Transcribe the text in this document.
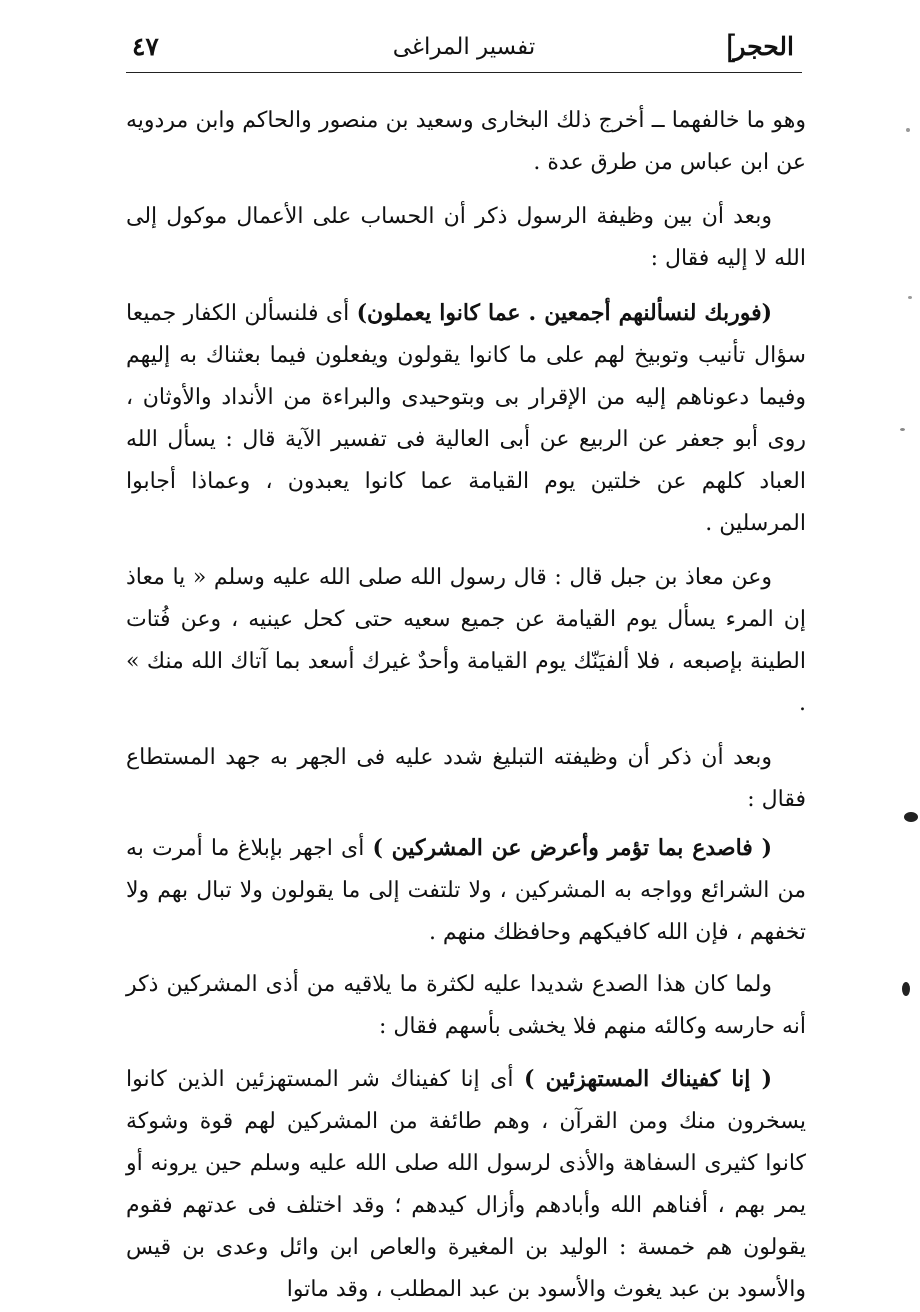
الحجر
]
تفسير المراغى
٤٧

وهو ما خالفهما ــ أخرج ذلك البخارى وسعيد بن منصور والحاكم وابن مردويه عن ابن عباس من طرق عدة .

وبعد أن بين وظيفة الرسول ذكر أن الحساب على الأعمال موكول إلى الله لا إليه فقال :

(فوربك لنسألنهم أجمعين . عما كانوا يعملون) أى فلنسألن الكفار جميعا سؤال تأنيب وتوبيخ لهم على ما كانوا يقولون ويفعلون فيما بعثناك به إليهم وفيما دعوناهم إليه من الإقرار بى وبتوحيدى والبراءة من الأنداد والأوثان ، روى أبو جعفر عن الربيع عن أبى العالية فى تفسير الآية قال : يسأل الله العباد كلهم عن خلتين يوم القيامة عما كانوا يعبدون ، وعماذا أجابوا المرسلين .

وعن معاذ بن جبل قال : قال رسول الله صلى الله عليه وسلم « يا معاذ إن المرء يسأل يوم القيامة عن جميع سعيه حتى كحل عينيه ، وعن فُتات الطينة بإصبعه ، فلا ألفيَنّك يوم القيامة وأحدٌ غيرك أسعد بما آتاك الله منك » .

وبعد أن ذكر أن وظيفته التبليغ شدد عليه فى الجهر به جهد المستطاع فقال :

( فاصدع بما تؤمر وأعرض عن المشركين ) أى اجهر بإبلاغ ما أمرت به من الشرائع وواجه به المشركين ، ولا تلتفت إلى ما يقولون ولا تبال بهم ولا تخفهم ، فإن الله كافيكهم وحافظك منهم .

ولما كان هذا الصدع شديدا عليه لكثرة ما يلاقيه من أذى المشركين ذكر أنه حارسه وكالئه منهم فلا يخشى بأسهم فقال :

( إنا كفيناك المستهزئين ) أى إنا كفيناك شر المستهزئين الذين كانوا يسخرون منك ومن القرآن ، وهم طائفة من المشركين لهم قوة وشوكة كانوا كثيرى السفاهة والأذى لرسول الله صلى الله عليه وسلم حين يرونه أو يمر بهم ، أفناهم الله وأبادهم وأزال كيدهم ؛ وقد اختلف فى عدتهم فقوم يقولون هم خمسة : الوليد بن المغيرة والعاص ابن وائل وعدى بن قيس والأسود بن عبد يغوث والأسود بن عبد المطلب ، وقد ماتوا
